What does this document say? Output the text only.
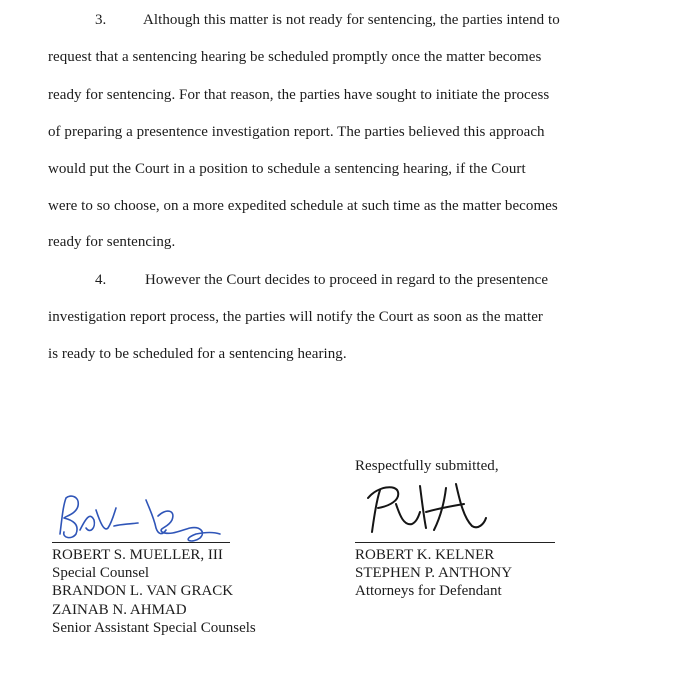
3. Although this matter is not ready for sentencing, the parties intend to
request that a sentencing hearing be scheduled promptly once the matter becomes
ready for sentencing. For that reason, the parties have sought to initiate the process
of preparing a presentence investigation report. The parties believed this approach
would put the Court in a position to schedule a sentencing hearing, if the Court
were to so choose, on a more expedited schedule at such time as the matter becomes
ready for sentencing.
4.	However the Court decides to proceed in regard to the presentence
investigation report process, the parties will notify the Court as soon as the matter
is ready to be scheduled for a sentencing hearing.
Respectfully submitted,
ROBERT S. MUELLER, III
Special Counsel
BRANDON L. VAN GRACK
ZAINAB N. AHMAD
Senior Assistant Special Counsels
ROBERT K. KELNER
STEPHEN P. ANTHONY
Attorneys for Defendant
